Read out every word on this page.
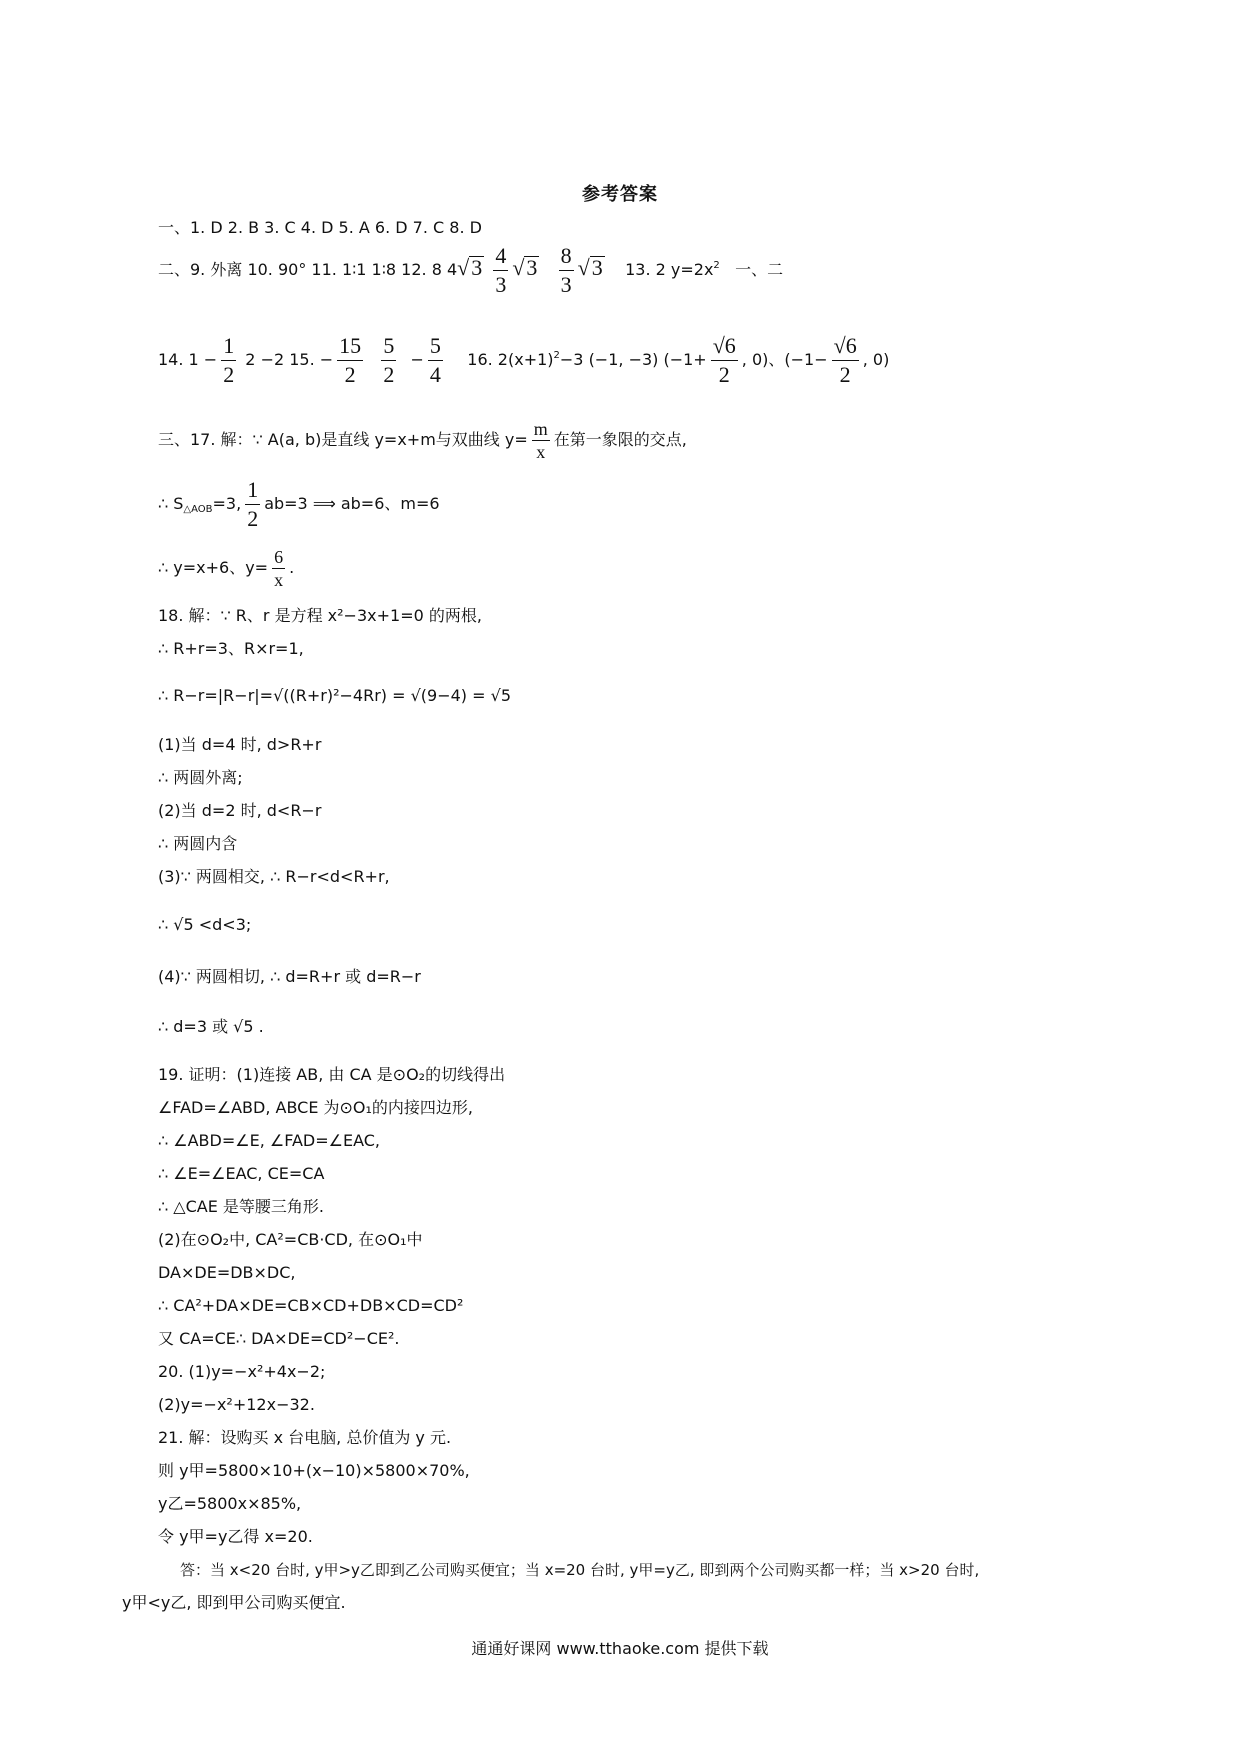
参考答案
一、1. D 2. B 3. C 4. D 5. A 6. D 7. C 8. D
二、9. 外离 10. 90° 11. 1∶1 1∶8 12. 8 $4√3 \frac{4}{3} √3 \frac{8}{3} √3$ 13. 2 $y=2x^2$ 一、二
14. $1 - \frac{1}{2} 2 -2$ 15. − $\frac{15}{2}$
$\frac{5}{2} - \frac{5}{4} 16$. $2(x+1)^2-3$ (−1, −3) ($-1+ \frac{√6}{2}$ , 0)、($-1- \frac{√6}{2}$ , 0)
三、17. 解：∵ A(a, b)是直线 y=x+m与双曲线 $y= \frac{m}{x}$ 在第一象限的交点,
∴ $S_{\triangle AOB}=3$, $\frac{1}{2} ab=3$ ⟹ ab=6、m=6
∴ y=x+6、$y= \frac{6}{x}$ .
18. 解：∵ R、r 是方程 x²−3x+1=0 的两根,
∴ R+r=3、R×r=1,
∴ R−r=|R−r|=√((R+r)²−4Rr) = √(9−4) = √5
(1)当 d=4 时, d>R+r
∴ 两圆外离;
(2)当 d=2 时, d<R−r
∴ 两圆内含
(3)∵ 两圆相交, ∴ R−r<d<R+r,
∴ √5 <d<3;
(4)∵ 两圆相切, ∴ d=R+r 或 d=R−r
∴ d=3 或 √5 .
19. 证明：(1)连接 AB, 由 CA 是⊙O₂的切线得出
∠FAD=∠ABD, ABCE 为⊙O₁的内接四边形,
∴ ∠ABD=∠E, ∠FAD=∠EAC,
∴ ∠E=∠EAC, CE=CA
∴ △CAE 是等腰三角形.
(2)在⊙O₂中, CA²=CB·CD, 在⊙O₁中
DA×DE=DB×DC,
∴ CA²+DA×DE=CB×CD+DB×CD=CD²
又 CA=CE∴ DA×DE=CD²−CE².
20. (1)y=−x²+4x−2;
(2)y=−x²+12x−32.
21. 解：设购买 x 台电脑, 总价值为 y 元.
则 y甲=5800×10+(x−10)×5800×70%,
y乙=5800x×85%,
令 y甲=y乙得 x=20.
答：当 x<20 台时, y甲>y乙即到乙公司购买便宜；当 x=20 台时, y甲=y乙, 即到两个公司购买都一样；当 x>20 台时,
y甲<y乙, 即到甲公司购买便宜.
通通好课网 www.tthaoke.com 提供下载
